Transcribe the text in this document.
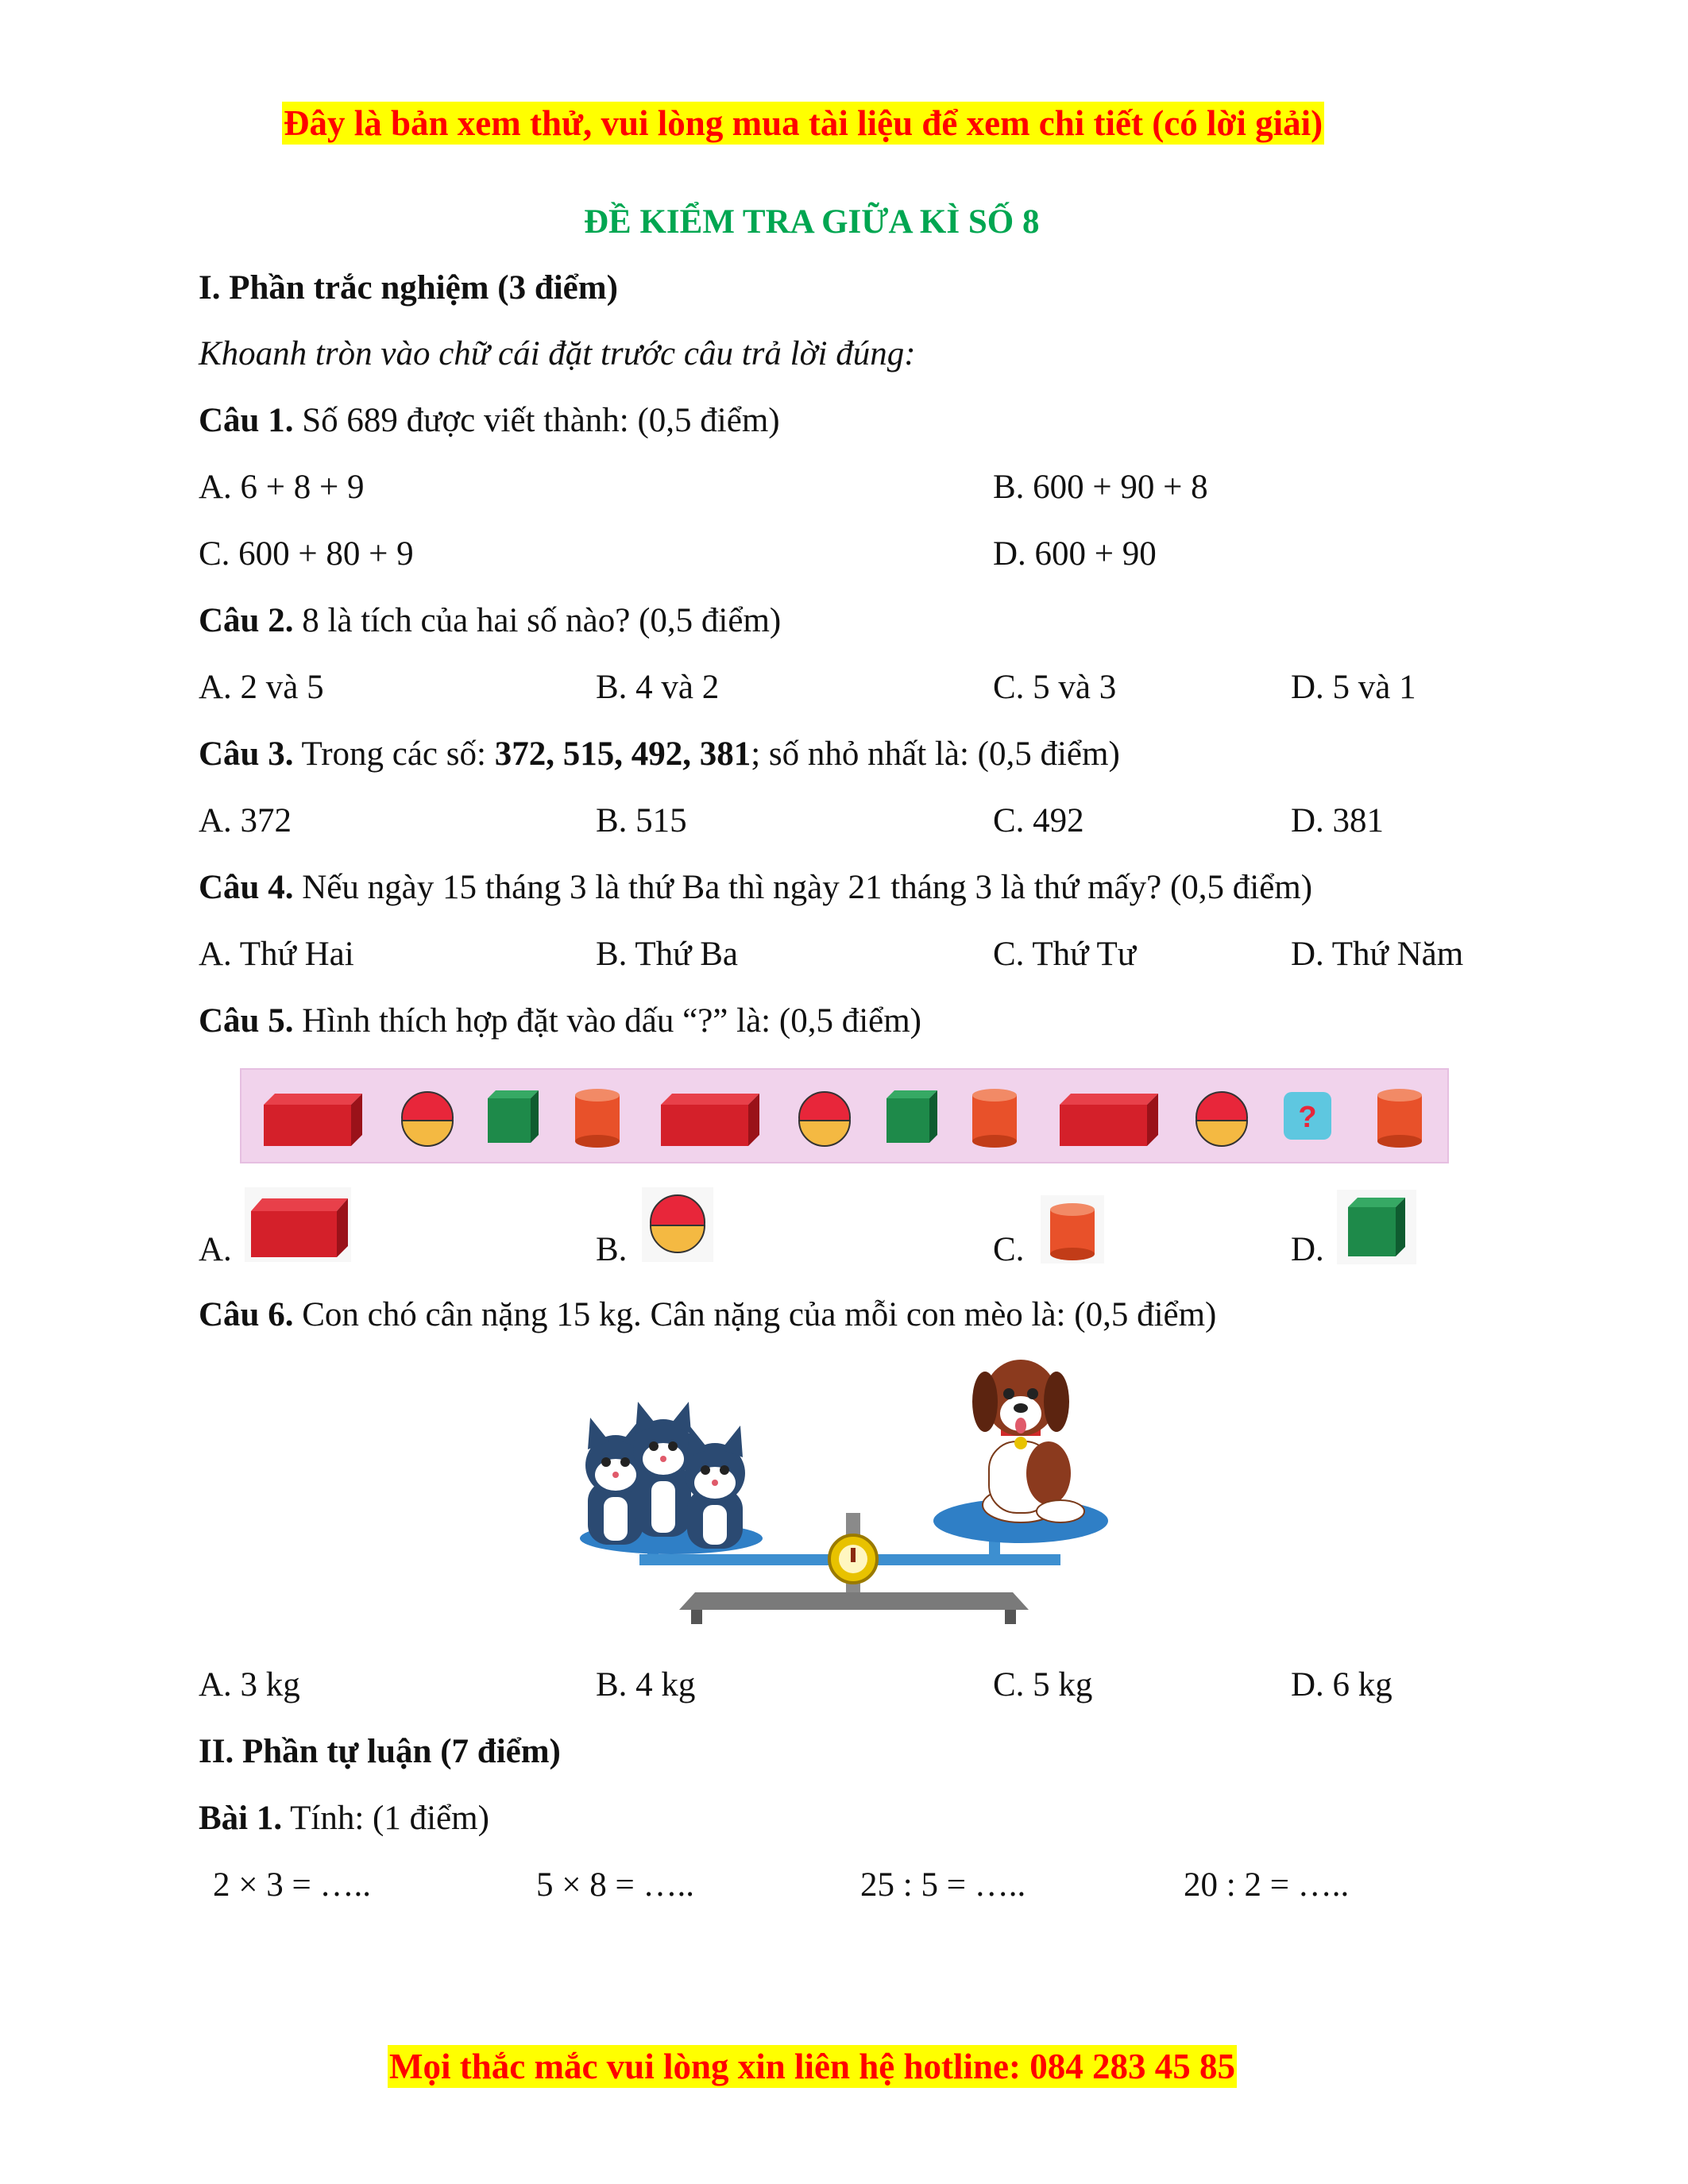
Đây là bản xem thử, vui lòng mua tài liệu để xem chi tiết (có lời giải)
ĐỀ KIỂM TRA GIỮA KÌ SỐ 8
I. Phần trắc nghiệm (3 điểm)
Khoanh tròn vào chữ cái đặt trước câu trả lời đúng:
Câu 1. Số 689 được viết thành: (0,5 điểm)
A. 6 + 8 + 9	B. 600 + 90 + 8
C. 600 + 80 + 9	D. 600 + 90
Câu 2. 8 là tích của hai số nào? (0,5 điểm)
A. 2 và 5	B. 4 và 2	C. 5 và 3	D. 5 và 1
Câu 3. Trong các số: 372, 515, 492, 381; số nhỏ nhất là: (0,5 điểm)
A. 372	B. 515	C. 492	D. 381
Câu 4. Nếu ngày 15 tháng 3 là thứ Ba thì ngày 21 tháng 3 là thứ mấy? (0,5 điểm)
A. Thứ Hai	B. Thứ Ba	C. Thứ Tư	D. Thứ Năm
Câu 5. Hình thích hợp đặt vào dấu “?” là: (0,5 điểm)
?
A.	B.	C.	D.
Câu 6. Con chó cân nặng 15 kg. Cân nặng của mỗi con mèo là: (0,5 điểm)
A. 3 kg	B. 4 kg	C. 5 kg	D. 6 kg
II. Phần tự luận (7 điểm)
Bài 1. Tính: (1 điểm)
2 × 3 = …..	5 × 8 = …..	25 : 5 = …..	20 : 2 = …..
Mọi thắc mắc vui lòng xin liên hệ hotline: 084 283 45 85
